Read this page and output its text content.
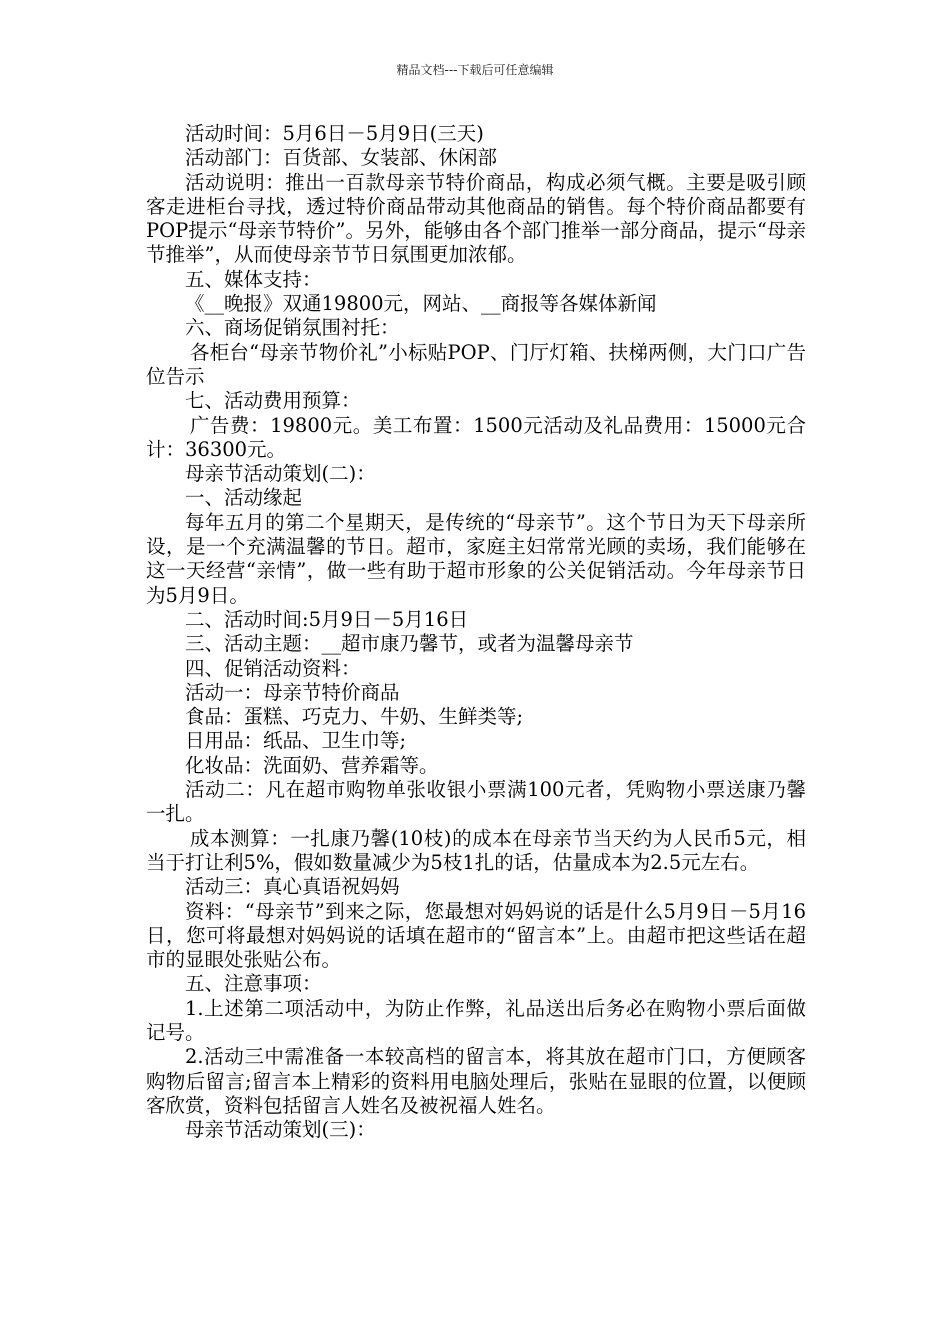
精品文档---下载后可任意编辑

活动时间：5月6日－5月9日(三天)

活动部门：百货部、女装部、休闲部

活动说明：推出一百款母亲节特价商品，构成必须气概。主要是吸引顾客走进柜台寻找，透过特价商品带动其他商品的销售。每个特价商品都要有POP提示“母亲节特价”。另外，能够由各个部门推举一部分商品，提示“母亲节推举”，从而使母亲节节日氛围更加浓郁。

五、媒体支持：

《__晚报》双通19800元，网站、__商报等各媒体新闻

六、商场促销氛围衬托：

各柜台“母亲节物价礼”小标贴POP、门厅灯箱、扶梯两侧，大门口广告位告示

七、活动费用预算：

广告费：19800元。美工布置：1500元活动及礼品费用：15000元合计：36300元。

母亲节活动策划(二)：

一、活动缘起

每年五月的第二个星期天，是传统的“母亲节”。这个节日为天下母亲所设，是一个充满温馨的节日。超市，家庭主妇常常光顾的卖场，我们能够在这一天经营“亲情”，做一些有助于超市形象的公关促销活动。今年母亲节日为5月9日。

二、活动时间:5月9日－5月16日

三、活动主题：__超市康乃馨节，或者为温馨母亲节

四、促销活动资料：

活动一：母亲节特价商品

食品：蛋糕、巧克力、牛奶、生鲜类等;

日用品：纸品、卫生巾等;

化妆品：洗面奶、营养霜等。

活动二：凡在超市购物单张收银小票满100元者，凭购物小票送康乃馨一扎。

成本测算：一扎康乃馨(10枝)的成本在母亲节当天约为人民币5元，相当于打让利5%，假如数量减少为5枝1扎的话，估量成本为2.5元左右。

活动三：真心真语祝妈妈

资料：“母亲节”到来之际，您最想对妈妈说的话是什么5月9日－5月16日，您可将最想对妈妈说的话填在超市的“留言本”上。由超市把这些话在超市的显眼处张贴公布。

五、注意事项：

1.上述第二项活动中，为防止作弊，礼品送出后务必在购物小票后面做记号。

2.活动三中需准备一本较高档的留言本，将其放在超市门口，方便顾客购物后留言;留言本上精彩的资料用电脑处理后，张贴在显眼的位置，以便顾客欣赏，资料包括留言人姓名及被祝福人姓名。

母亲节活动策划(三)：
